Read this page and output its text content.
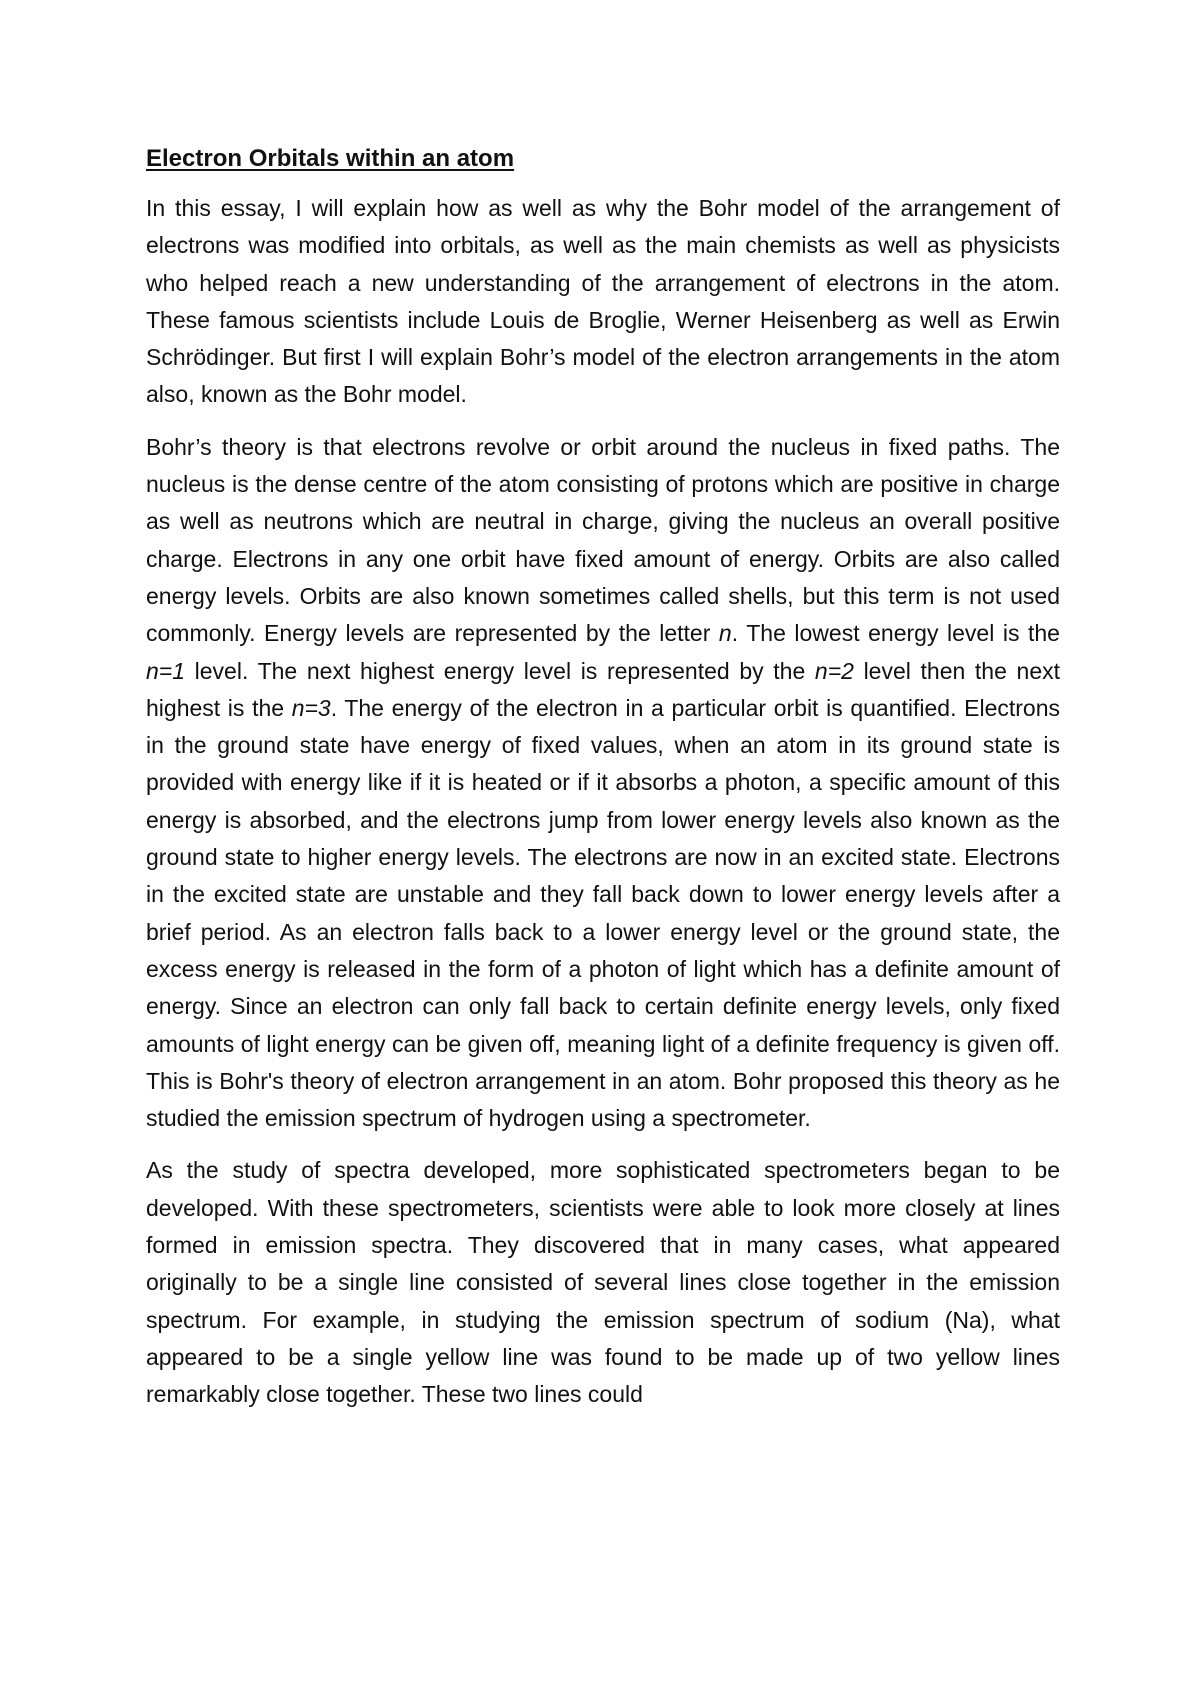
Electron Orbitals within an atom

In this essay, I will explain how as well as why the Bohr model of the arrangement of electrons was modified into orbitals, as well as the main chemists as well as physicists who helped reach a new understanding of the arrangement of electrons in the atom. These famous scientists include Louis de Broglie, Werner Heisenberg as well as Erwin Schrödinger. But first I will explain Bohr’s model of the electron arrangements in the atom also, known as the Bohr model.

Bohr’s theory is that electrons revolve or orbit around the nucleus in fixed paths. The nucleus is the dense centre of the atom consisting of protons which are positive in charge as well as neutrons which are neutral in charge, giving the nucleus an overall positive charge. Electrons in any one orbit have fixed amount of energy. Orbits are also called energy levels. Orbits are also known sometimes called shells, but this term is not used commonly. Energy levels are represented by the letter n. The lowest energy level is the n=1 level. The next highest energy level is represented by the n=2 level then the next highest is the n=3. The energy of the electron in a particular orbit is quantified. Electrons in the ground state have energy of fixed values, when an atom in its ground state is provided with energy like if it is heated or if it absorbs a photon, a specific amount of this energy is absorbed, and the electrons jump from lower energy levels also known as the ground state to higher energy levels. The electrons are now in an excited state. Electrons in the excited state are unstable and they fall back down to lower energy levels after a brief period. As an electron falls back to a lower energy level or the ground state, the excess energy is released in the form of a photon of light which has a definite amount of energy. Since an electron can only fall back to certain definite energy levels, only fixed amounts of light energy can be given off, meaning light of a definite frequency is given off. This is Bohr's theory of electron arrangement in an atom. Bohr proposed this theory as he studied the emission spectrum of hydrogen using a spectrometer.

As the study of spectra developed, more sophisticated spectrometers began to be developed. With these spectrometers, scientists were able to look more closely at lines formed in emission spectra. They discovered that in many cases, what appeared originally to be a single line consisted of several lines close together in the emission spectrum. For example, in studying the emission spectrum of sodium (Na), what appeared to be a single yellow line was found to be made up of two yellow lines remarkably close together. These two lines could
